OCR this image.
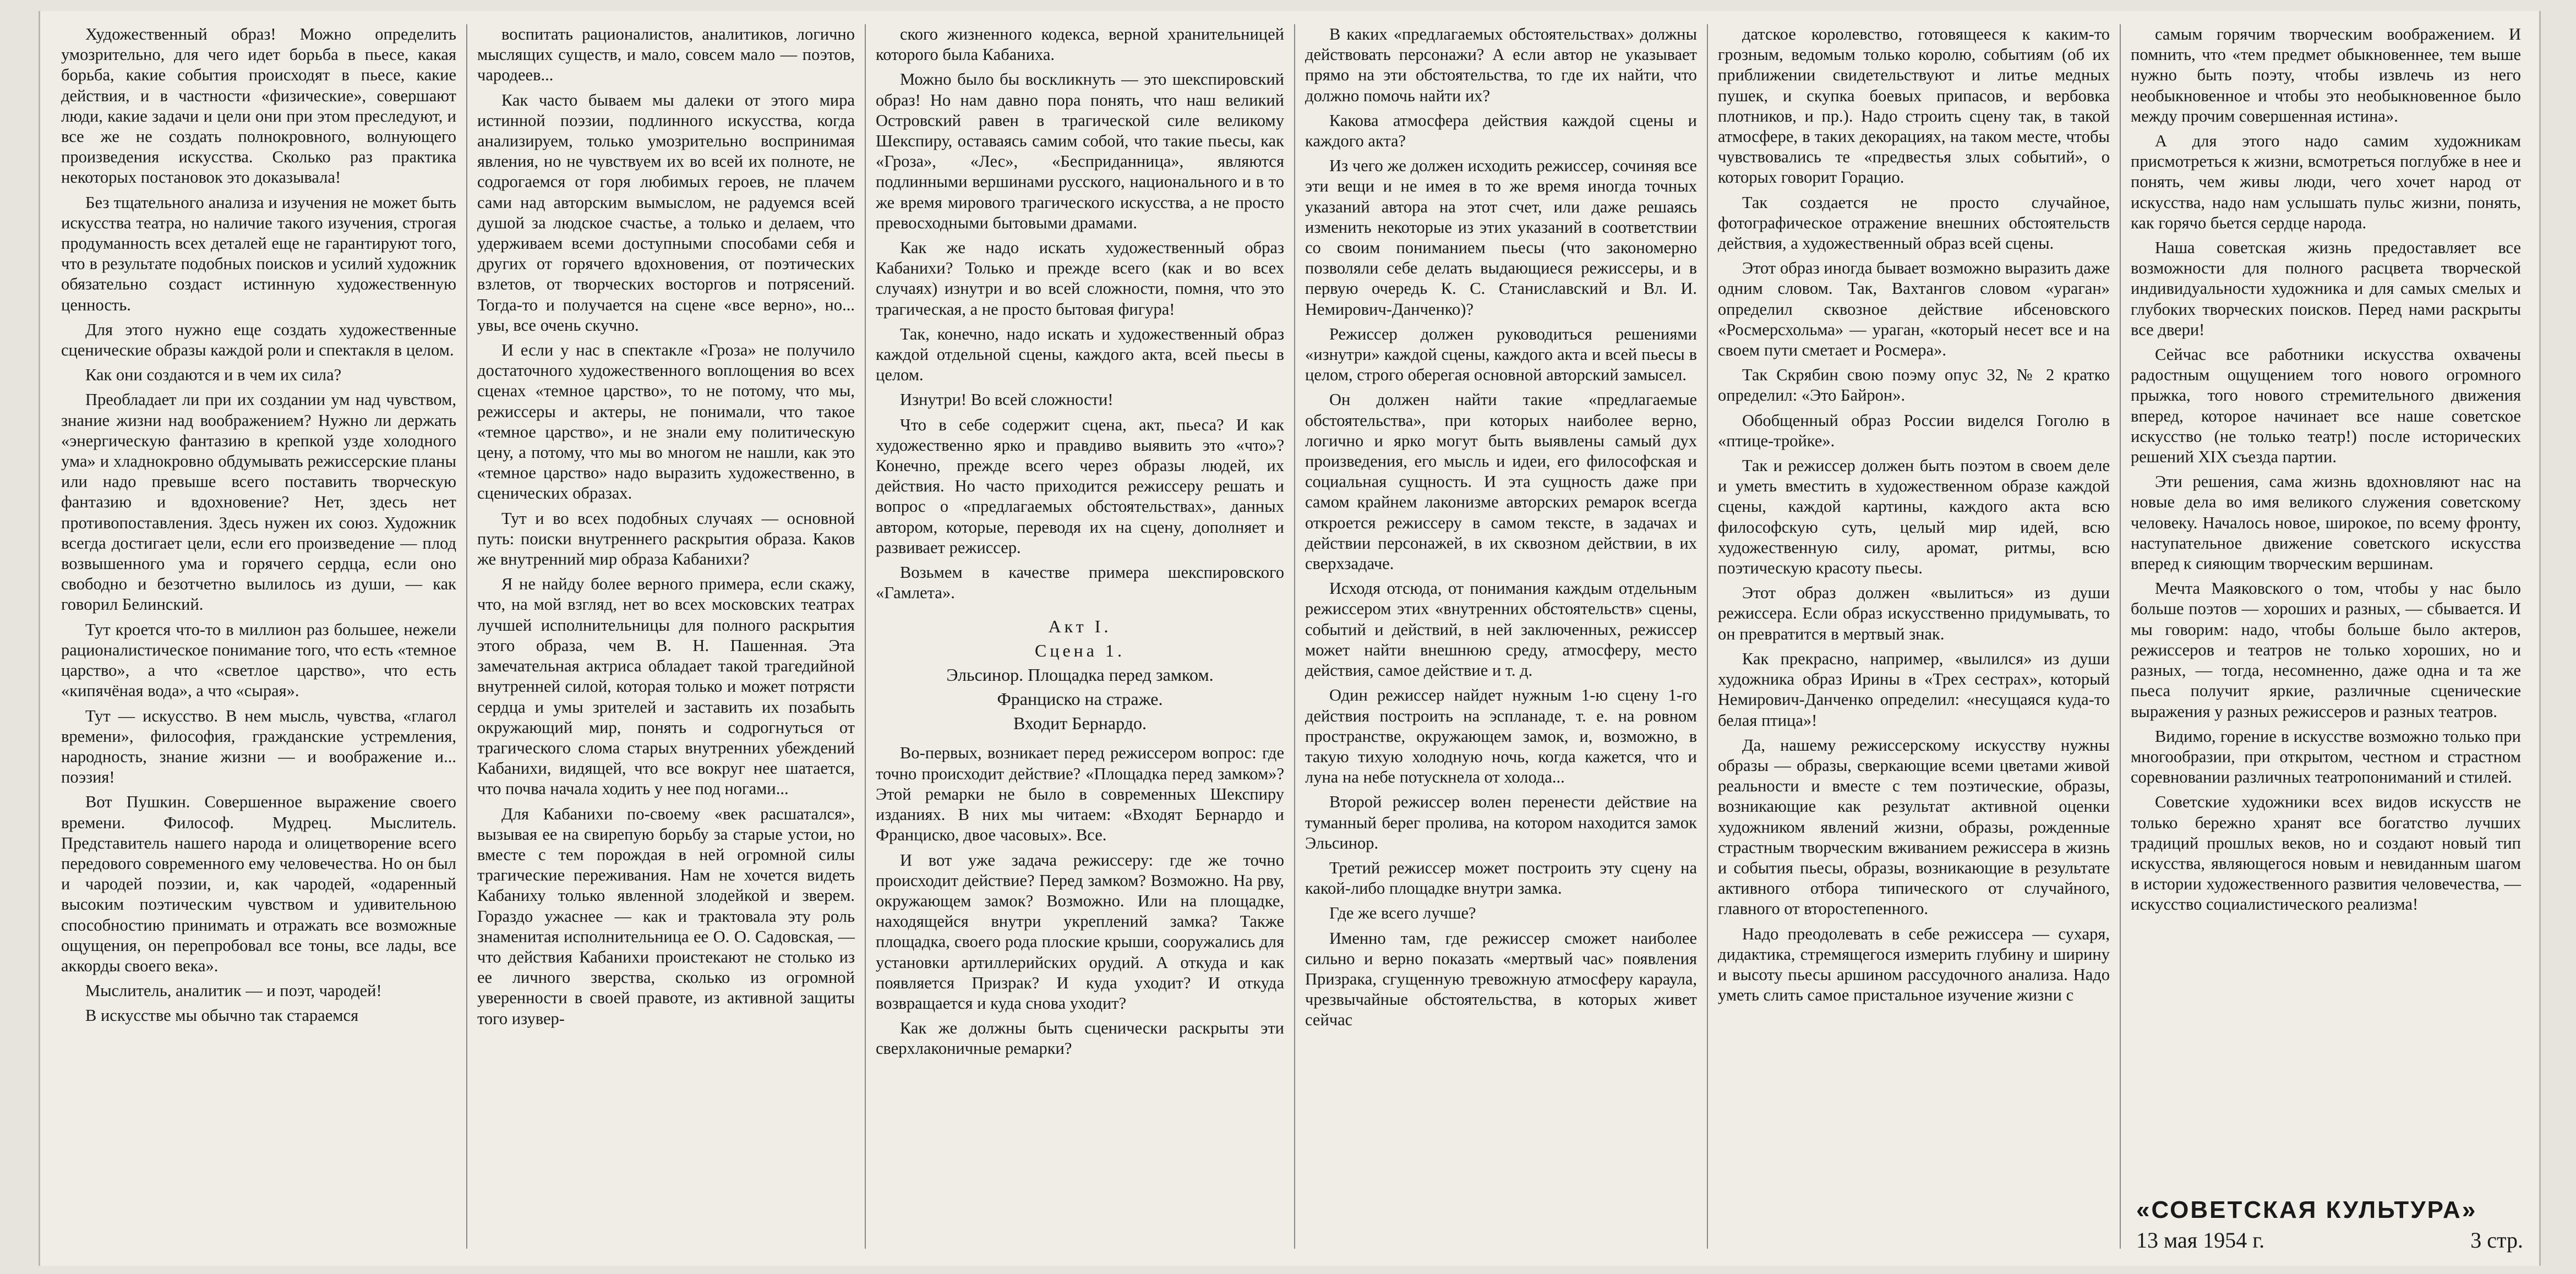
Художественный образ! Можно определить умозрительно, для чего идет борьба в пьесе, какая борьба, какие события происходят в пьесе, какие действия, и в частности «физические», совершают люди, какие задачи и цели они при этом преследуют, и все же не создать полнокровного, волнующего произведения искусства. Сколько раз практика некоторых постановок это доказывала!

Без тщательного анализа и изучения не может быть искусства театра, но наличие такого изучения, строгая продуманность всех деталей еще не гарантируют того, что в результате подобных поисков и усилий художник обязательно создаст истинную художественную ценность.

Для этого нужно еще создать художественные сценические образы каждой роли и спектакля в целом.

Как они создаются и в чем их сила?

Преобладает ли при их создании ум над чувством, знание жизни над воображением? Нужно ли держать «энергическую фантазию в крепкой узде холодного ума» и хладнокровно обдумывать режиссерские планы или надо превыше всего поставить творческую фантазию и вдохновение? Нет, здесь нет противопоставления. Здесь нужен их союз. Художник всегда достигает цели, если его произведение — плод возвышенного ума и горячего сердца, если оно свободно и безотчетно вылилось из души, — как говорил Белинский.

Тут кроется что-то в миллион раз большее, нежели рационалистическое понимание того, что есть «темное царство», а что «светлое царство», что есть «кипячёная вода», а что «сырая».

Тут — искусство. В нем мысль, чувства, «глагол времени», философия, гражданские устремления, народность, знание жизни — и воображение и... поэзия!

Вот Пушкин. Совершенное выражение своего времени. Философ. Мудрец. Мыслитель. Представитель нашего народа и олицетворение всего передового современного ему человечества. Но он был и чародей поэзии, и, как чародей, «одаренный высоким поэтическим чувством и удивительною способностию принимать и отражать все возможные ощущения, он перепробовал все тоны, все лады, все аккорды своего века».

Мыслитель, аналитик — и поэт, чародей!

В искусстве мы обычно так стараемся

воспитать рационалистов, аналитиков, логично мыслящих существ, и мало, совсем мало — поэтов, чародеев...

Как часто бываем мы далеки от этого мира истинной поэзии, подлинного искусства, когда анализируем, только умозрительно воспринимая явления, но не чувствуем их во всей их полноте, не содрогаемся от горя любимых героев, не плачем сами над авторским вымыслом, не радуемся всей душой за людское счастье, а только и делаем, что удерживаем всеми доступными способами себя и других от горячего вдохновения, от поэтических взлетов, от творческих восторгов и потрясений. Тогда-то и получается на сцене «все верно», но... увы, все очень скучно.

И если у нас в спектакле «Гроза» не получило достаточного художественного воплощения во всех сценах «темное царство», то не потому, что мы, режиссеры и актеры, не понимали, что такое «темное царство», и не знали ему политическую цену, а потому, что мы во многом не нашли, как это «темное царство» надо выразить художественно, в сценических образах.

Тут и во всех подобных случаях — основной путь: поиски внутреннего раскрытия образа. Каков же внутренний мир образа Кабанихи?

Я не найду более верного примера, если скажу, что, на мой взгляд, нет во всех московских театрах лучшей исполнительницы для полного раскрытия этого образа, чем В. Н. Пашенная. Эта замечательная актриса обладает такой трагедийной внутренней силой, которая только и может потрясти сердца и умы зрителей и заставить их позабыть окружающий мир, понять и содрогнуться от трагического слома старых внутренних убеждений Кабанихи, видящей, что все вокруг нее шатается, что почва начала ходить у нее под ногами...

Для Кабанихи по-своему «век расшатался», вызывая ее на свирепую борьбу за старые устои, но вместе с тем порождая в ней огромной силы трагические переживания. Нам не хочется видеть Кабаниху только явленной злодейкой и зверем. Гораздо ужаснее — как и трактовала эту роль знаменитая исполнительница ее О. О. Садовская, — что действия Кабанихи проистекают не столько из ее личного зверства, сколько из огромной уверенности в своей правоте, из активной защиты того изувер-

ского жизненного кодекса, верной хранительницей которого была Кабаниха.

Можно было бы воскликнуть — это шекспировский образ! Но нам давно пора понять, что наш великий Островский равен в трагической силе великому Шекспиру, оставаясь самим собой, что такие пьесы, как «Гроза», «Лес», «Бесприданница», являются подлинными вершинами русского, национального и в то же время мирового трагического искусства, а не просто превосходными бытовыми драмами.

Как же надо искать художественный образ Кабанихи? Только и прежде всего (как и во всех случаях) изнутри и во всей сложности, помня, что это трагическая, а не просто бытовая фигура!

Так, конечно, надо искать и художественный образ каждой отдельной сцены, каждого акта, всей пьесы в целом.

Изнутри! Во всей сложности!

Что в себе содержит сцена, акт, пьеса? И как художественно ярко и правдиво выявить это «что»? Конечно, прежде всего через образы людей, их действия. Но часто приходится режиссеру решать и вопрос о «предлагаемых обстоятельствах», данных автором, которые, переводя их на сцену, дополняет и развивает режиссер.

Возьмем в качестве примера шекспировского «Гамлета».

Акт I.
Сцена 1.
Эльсинор. Площадка перед замком.
Франциско на страже.
Входит Бернардо.

Во-первых, возникает перед режиссером вопрос: где точно происходит действие? «Площадка перед замком»? Этой ремарки не было в современных Шекспиру изданиях. В них мы читаем: «Входят Бернардо и Франциско, двое часовых». Все.

И вот уже задача режиссеру: где же точно происходит действие? Перед замком? Возможно. На рву, окружающем замок? Возможно. Или на площадке, находящейся внутри укреплений замка? Также площадка, своего рода плоские крыши, сооружались для установки артиллерийских орудий. А откуда и как появляется Призрак? И куда уходит? И откуда возвращается и куда снова уходит?

Как же должны быть сценически раскрыты эти сверхлаконичные ремарки?

В каких «предлагаемых обстоятельствах» должны действовать персонажи? А если автор не указывает прямо на эти обстоятельства, то где их найти, что должно помочь найти их?

Какова атмосфера действия каждой сцены и каждого акта?

Из чего же должен исходить режиссер, сочиняя все эти вещи и не имея в то же время иногда точных указаний автора на этот счет, или даже решаясь изменить некоторые из этих указаний в соответствии со своим пониманием пьесы (что закономерно позволяли себе делать выдающиеся режиссеры, и в первую очередь К. С. Станиславский и Вл. И. Немирович-Данченко)?

Режиссер должен руководиться решениями «изнутри» каждой сцены, каждого акта и всей пьесы в целом, строго оберегая основной авторский замысел.

Он должен найти такие «предлагаемые обстоятельства», при которых наиболее верно, логично и ярко могут быть выявлены самый дух произведения, его мысль и идеи, его философская и социальная сущность. И эта сущность даже при самом крайнем лаконизме авторских ремарок всегда откроется режиссеру в самом тексте, в задачах и действии персонажей, в их сквозном действии, в их сверхзадаче.

Исходя отсюда, от понимания каждым отдельным режиссером этих «внутренних обстоятельств» сцены, событий и действий, в ней заключенных, режиссер может найти внешнюю среду, атмосферу, место действия, самое действие и т. д.

Один режиссер найдет нужным 1-ю сцену 1-го действия построить на эспланаде, т. е. на ровном пространстве, окружающем замок, и, возможно, в такую тихую холодную ночь, когда кажется, что и луна на небе потускнела от холода...

Второй режиссер волен перенести действие на туманный берег пролива, на котором находится замок Эльсинор.

Третий режиссер может построить эту сцену на какой-либо площадке внутри замка.

Где же всего лучше?

Именно там, где режиссер сможет наиболее сильно и верно показать «мертвый час» появления Призрака, сгущенную тревожную атмосферу караула, чрезвычайные обстоятельства, в которых живет сейчас

датское королевство, готовящееся к каким-то грозным, ведомым только королю, событиям (об их приближении свидетельствуют и литье медных пушек, и скупка боевых припасов, и вербовка плотников, и пр.). Надо строить сцену так, в такой атмосфере, в таких декорациях, на таком месте, чтобы чувствовались те «предвестья злых событий», о которых говорит Горацио.

Так создается не просто случайное, фотографическое отражение внешних обстоятельств действия, а художественный образ всей сцены.

Этот образ иногда бывает возможно выразить даже одним словом. Так, Вахтангов словом «ураган» определил сквозное действие ибсеновского «Росмерсхольма» — ураган, «который несет все и на своем пути сметает и Росмера».

Так Скрябин свою поэму опус 32, № 2 кратко определил: «Это Байрон».

Обобщенный образ России виделся Гоголю в «птице-тройке».

Так и режиссер должен быть поэтом в своем деле и уметь вместить в художественном образе каждой сцены, каждой картины, каждого акта всю философскую суть, целый мир идей, всю художественную силу, аромат, ритмы, всю поэтическую красоту пьесы.

Этот образ должен «вылиться» из души режиссера. Если образ искусственно придумывать, то он превратится в мертвый знак.

Как прекрасно, например, «вылился» из души художника образ Ирины в «Трех сестрах», который Немирович-Данченко определил: «несущаяся куда-то белая птица»!

Да, нашему режиссерскому искусству нужны образы — образы, сверкающие всеми цветами живой реальности и вместе с тем поэтические, образы, возникающие как результат активной оценки художником явлений жизни, образы, рожденные страстным творческим вживанием режиссера в жизнь и события пьесы, образы, возникающие в результате активного отбора типического от случайного, главного от второстепенного.

Надо преодолевать в себе режиссера — сухаря, дидактика, стремящегося измерить глубину и ширину и высоту пьесы аршином рассудочного анализа. Надо уметь слить самое пристальное изучение жизни с

самым горячим творческим воображением. И помнить, что «тем предмет обыкновеннее, тем выше нужно быть поэту, чтобы извлечь из него необыкновенное и чтобы это необыкновенное было между прочим совершенная истина».

А для этого надо самим художникам присмотреться к жизни, всмотреться поглубже в нее и понять, чем живы люди, чего хочет народ от искусства, надо нам услышать пульс жизни, понять, как горячо бьется сердце народа.

Наша советская жизнь предоставляет все возможности для полного расцвета творческой индивидуальности художника и для самых смелых и глубоких творческих поисков. Перед нами раскрыты все двери!

Сейчас все работники искусства охвачены радостным ощущением того нового огромного прыжка, того нового стремительного движения вперед, которое начинает все наше советское искусство (не только театр!) после исторических решений XIX съезда партии.

Эти решения, сама жизнь вдохновляют нас на новые дела во имя великого служения советскому человеку. Началось новое, широкое, по всему фронту, наступательное движение советского искусства вперед к сияющим творческим вершинам.

Мечта Маяковского о том, чтобы у нас было больше поэтов — хороших и разных, — сбывается. И мы говорим: надо, чтобы больше было актеров, режиссеров и театров не только хороших, но и разных, — тогда, несомненно, даже одна и та же пьеса получит яркие, различные сценические выражения у разных режиссеров и разных театров.

Видимо, горение в искусстве возможно только при многообразии, при открытом, честном и страстном соревновании различных театропониманий и стилей.

Советские художники всех видов искусств не только бережно хранят все богатство лучших традиций прошлых веков, но и создают новый тип искусства, являющегося новым и невиданным шагом в истории художественного развития человечества, — искусство социалистического реализма!

«СОВЕТСКАЯ КУЛЬТУРА»
13 мая 1954 г.	3 стр.
